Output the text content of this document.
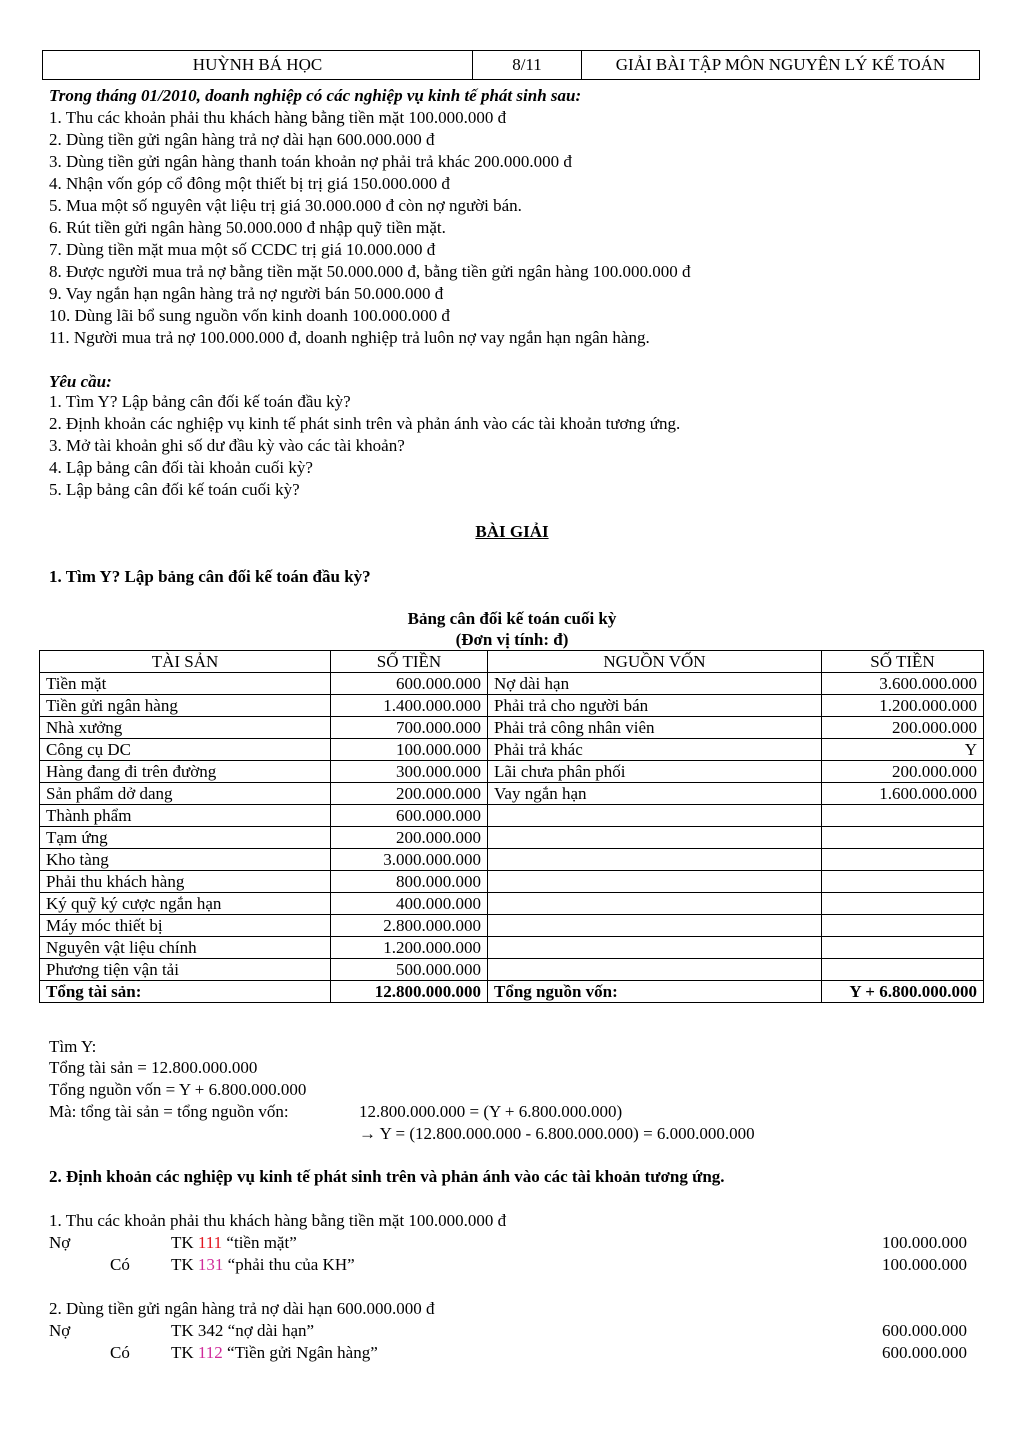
HUỲNH BÁ HỌC	8/11	GIẢI BÀI TẬP MÔN NGUYÊN LÝ KẾ TOÁN
Trong tháng 01/2010, doanh nghiệp có các nghiệp vụ kinh tế phát sinh sau:
1. Thu các khoản phải thu khách hàng bằng tiền mặt 100.000.000 đ
2. Dùng tiền gửi ngân hàng trả nợ dài hạn 600.000.000 đ
3. Dùng tiền gửi ngân hàng thanh toán khoản nợ phải trả khác 200.000.000 đ
4. Nhận vốn góp cổ đông một thiết bị trị giá 150.000.000 đ
5. Mua một số nguyên vật liệu trị giá 30.000.000 đ còn nợ người bán.
6. Rút tiền gửi ngân hàng 50.000.000 đ nhập quỹ tiền mặt.
7. Dùng tiền mặt mua một số CCDC trị giá 10.000.000 đ
8. Được người mua trả nợ bằng tiền mặt 50.000.000 đ, bằng tiền gửi ngân hàng 100.000.000 đ
9. Vay ngắn hạn ngân hàng trả nợ người bán 50.000.000 đ
10. Dùng lãi bổ sung nguồn vốn kinh doanh 100.000.000 đ
11. Người mua trả nợ 100.000.000 đ, doanh nghiệp trả luôn nợ vay ngắn hạn ngân hàng.
Yêu cầu:
1. Tìm Y? Lập bảng cân đối kế toán đầu kỳ?
2. Định khoản các nghiệp vụ kinh tế phát sinh trên và phản ánh vào các tài khoản tương ứng.
3. Mở tài khoản ghi số dư đầu kỳ vào các tài khoản?
4. Lập bảng cân đối tài khoản cuối kỳ?
5. Lập bảng cân đối kế toán cuối kỳ?
BÀI GIẢI
1. Tìm Y? Lập bảng cân đối kế toán đầu kỳ?
Bảng cân đối kế toán cuối kỳ
(Đơn vị tính: đ)
TÀI SẢN	SỐ TIỀN	NGUỒN VỐN	SỐ TIỀN
Tiền mặt	600.000.000	Nợ dài hạn	3.600.000.000
Tiền gửi ngân hàng	1.400.000.000	Phải trả cho người bán	1.200.000.000
Nhà xưởng	700.000.000	Phải trả công nhân viên	200.000.000
Công cụ DC	100.000.000	Phải trả khác	Y
Hàng đang đi trên đường	300.000.000	Lãi chưa phân phối	200.000.000
Sản phẩm dở dang	200.000.000	Vay ngắn hạn	1.600.000.000
Thành phẩm	600.000.000		
Tạm ứng	200.000.000		
Kho tàng	3.000.000.000		
Phải thu khách hàng	800.000.000		
Ký quỹ ký cược ngắn hạn	400.000.000		
Máy móc thiết bị	2.800.000.000		
Nguyên vật liệu chính	1.200.000.000		
Phương tiện vận tải	500.000.000		
Tổng tài sản:	12.800.000.000	Tổng nguồn vốn:	Y + 6.800.000.000
Tìm Y:
Tổng tài sản = 12.800.000.000
Tổng nguồn vốn = Y + 6.800.000.000
Mà: tổng tài sản = tổng nguồn vốn:	12.800.000.000 = (Y + 6.800.000.000)
→ Y = (12.800.000.000 - 6.800.000.000) = 6.000.000.000
2. Định khoản các nghiệp vụ kinh tế phát sinh trên và phản ánh vào các tài khoản tương ứng.
1. Thu các khoản phải thu khách hàng bằng tiền mặt 100.000.000 đ
Nợ	TK 111 “tiền mặt”	100.000.000
Có TK 131 “phải thu của KH”	100.000.000
2. Dùng tiền gửi ngân hàng trả nợ dài hạn 600.000.000 đ
Nợ	TK 342 “nợ dài hạn”	600.000.000
Có TK 112 “Tiền gửi Ngân hàng”	600.000.000
